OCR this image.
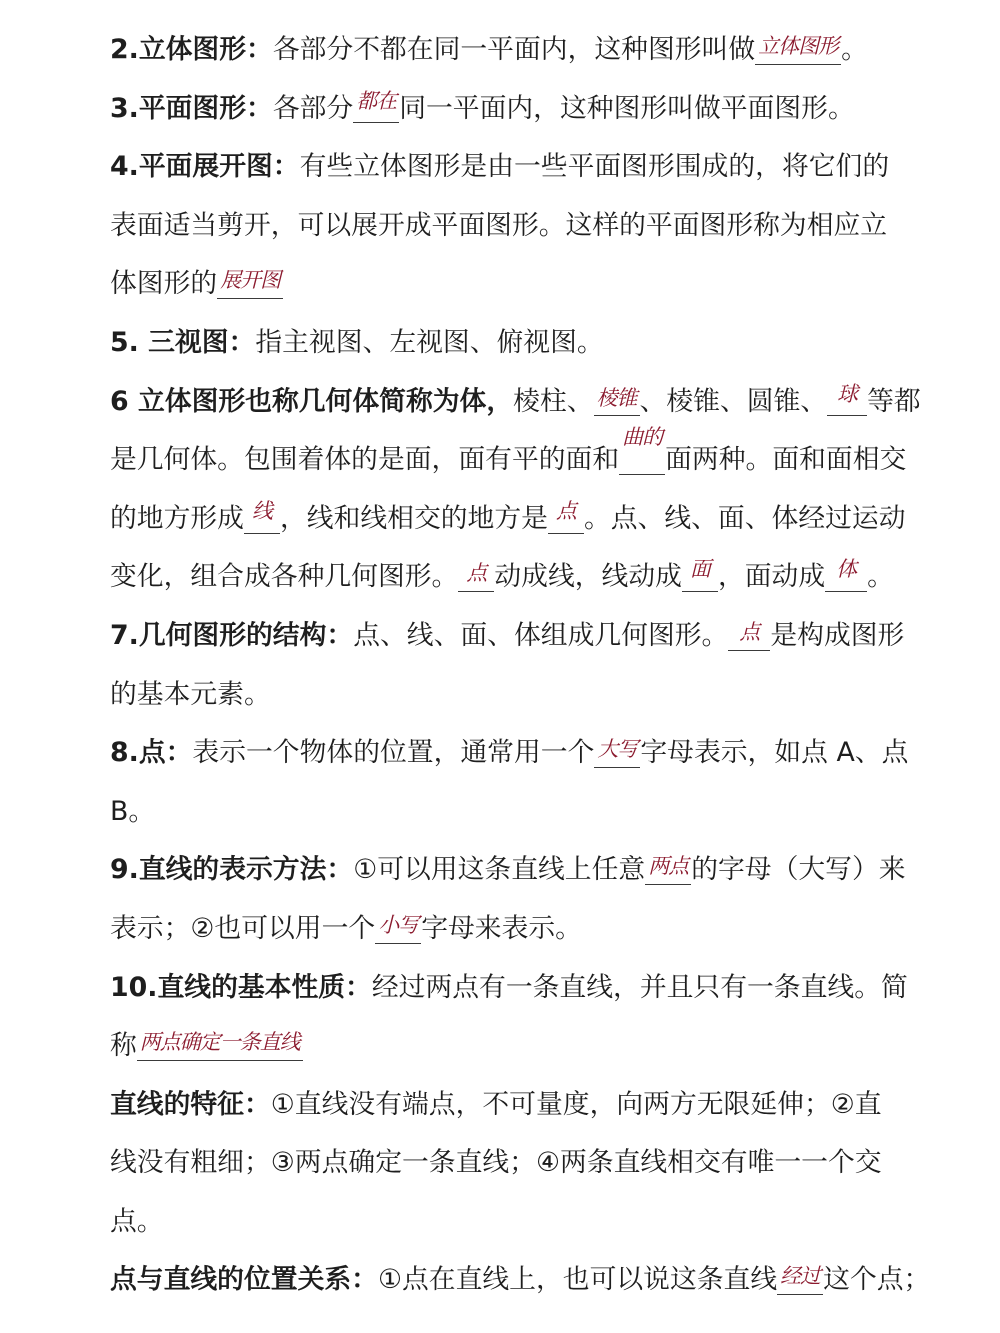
2.立体图形：各部分不都在同一平面内，这种图形叫做 立体图形 。
3.平面图形：各部分 $^{都在}$ 同一平面内，这种图形叫做平面图形。
4.平面展开图：有些立体图形是由一些平面图形围成的，将它们的
表面适当剪开，可以展开成平面图形。这样的平面图形称为相应立
体图形的 展开图
5. 三视图：指主视图、左视图、俯视图。
6 立体图形也称几何体简称为体，棱柱、 棱锥 、棱锥、圆锥、 $^球$ 等都
是几何体。包围着体的是面，面有平的面和$^{曲的}$面两种。面和面相交
的地方形成 $^线$ ，线和线相交的地方是 $^点$ 。点、线、面、体经过运动
变化，组合成各种几何图形。 点 动成线，线动成 $^面$ ，面动成 $^体$ 。
7.几何图形的结构：点、线、面、体组成几何图形。 点 是构成图形
的基本元素。
8.点：表示一个物体的位置，通常用一个 大写 字母表示，如点 A、点
B。
9.直线的表示方法：①可以用这条直线上任意 两点 的字母（大写）来
表示；②也可以用一个 小写 字母来表示。
10.直线的基本性质：经过两点有一条直线，并且只有一条直线。简
称 两点确定一条直线
直线的特征：①直线没有端点，不可量度，向两方无限延伸；②直
线没有粗细；③两点确定一条直线；④两条直线相交有唯一一个交
点。
点与直线的位置关系：①点在直线上，也可以说这条直线 经过 这个点；
